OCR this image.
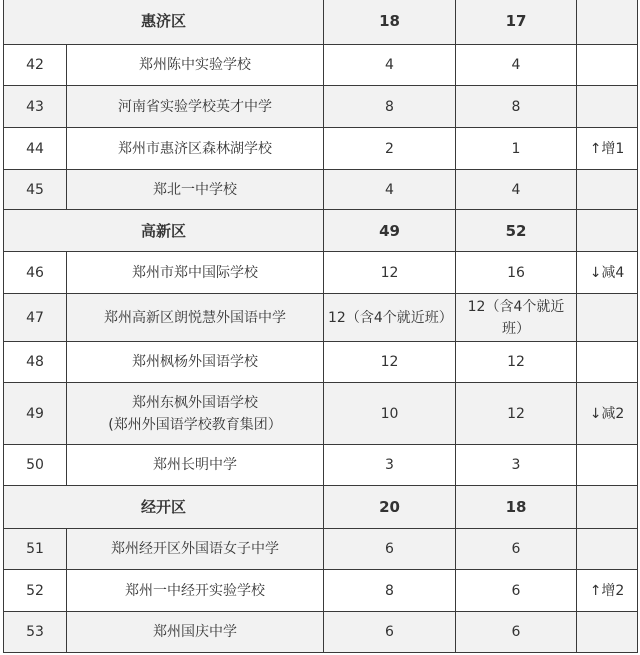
惠济区		18	17	
42	郑州陈中实验学校	4	4	
43	河南省实验学校英才中学	8	8	
44	郑州市惠济区森林湖学校	2	1	↑增1
45	郑北一中学校	4	4	
高新区		49	52	
46	郑州市郑中国际学校	12	16	↓减4
47	郑州高新区朗悦慧外国语中学	12（含4个就近班）	12（含4个就近班）	
48	郑州枫杨外国语学校	12	12	
49	郑州东枫外国语学校
(郑州外国语学校教育集团）	10	12	↓减2
50	郑州长明中学	3	3	
经开区		20	18	
51	郑州经开区外国语女子中学	6	6	
52	郑州一中经开实验学校	8	6	↑增2
53	郑州国庆中学	6	6	
